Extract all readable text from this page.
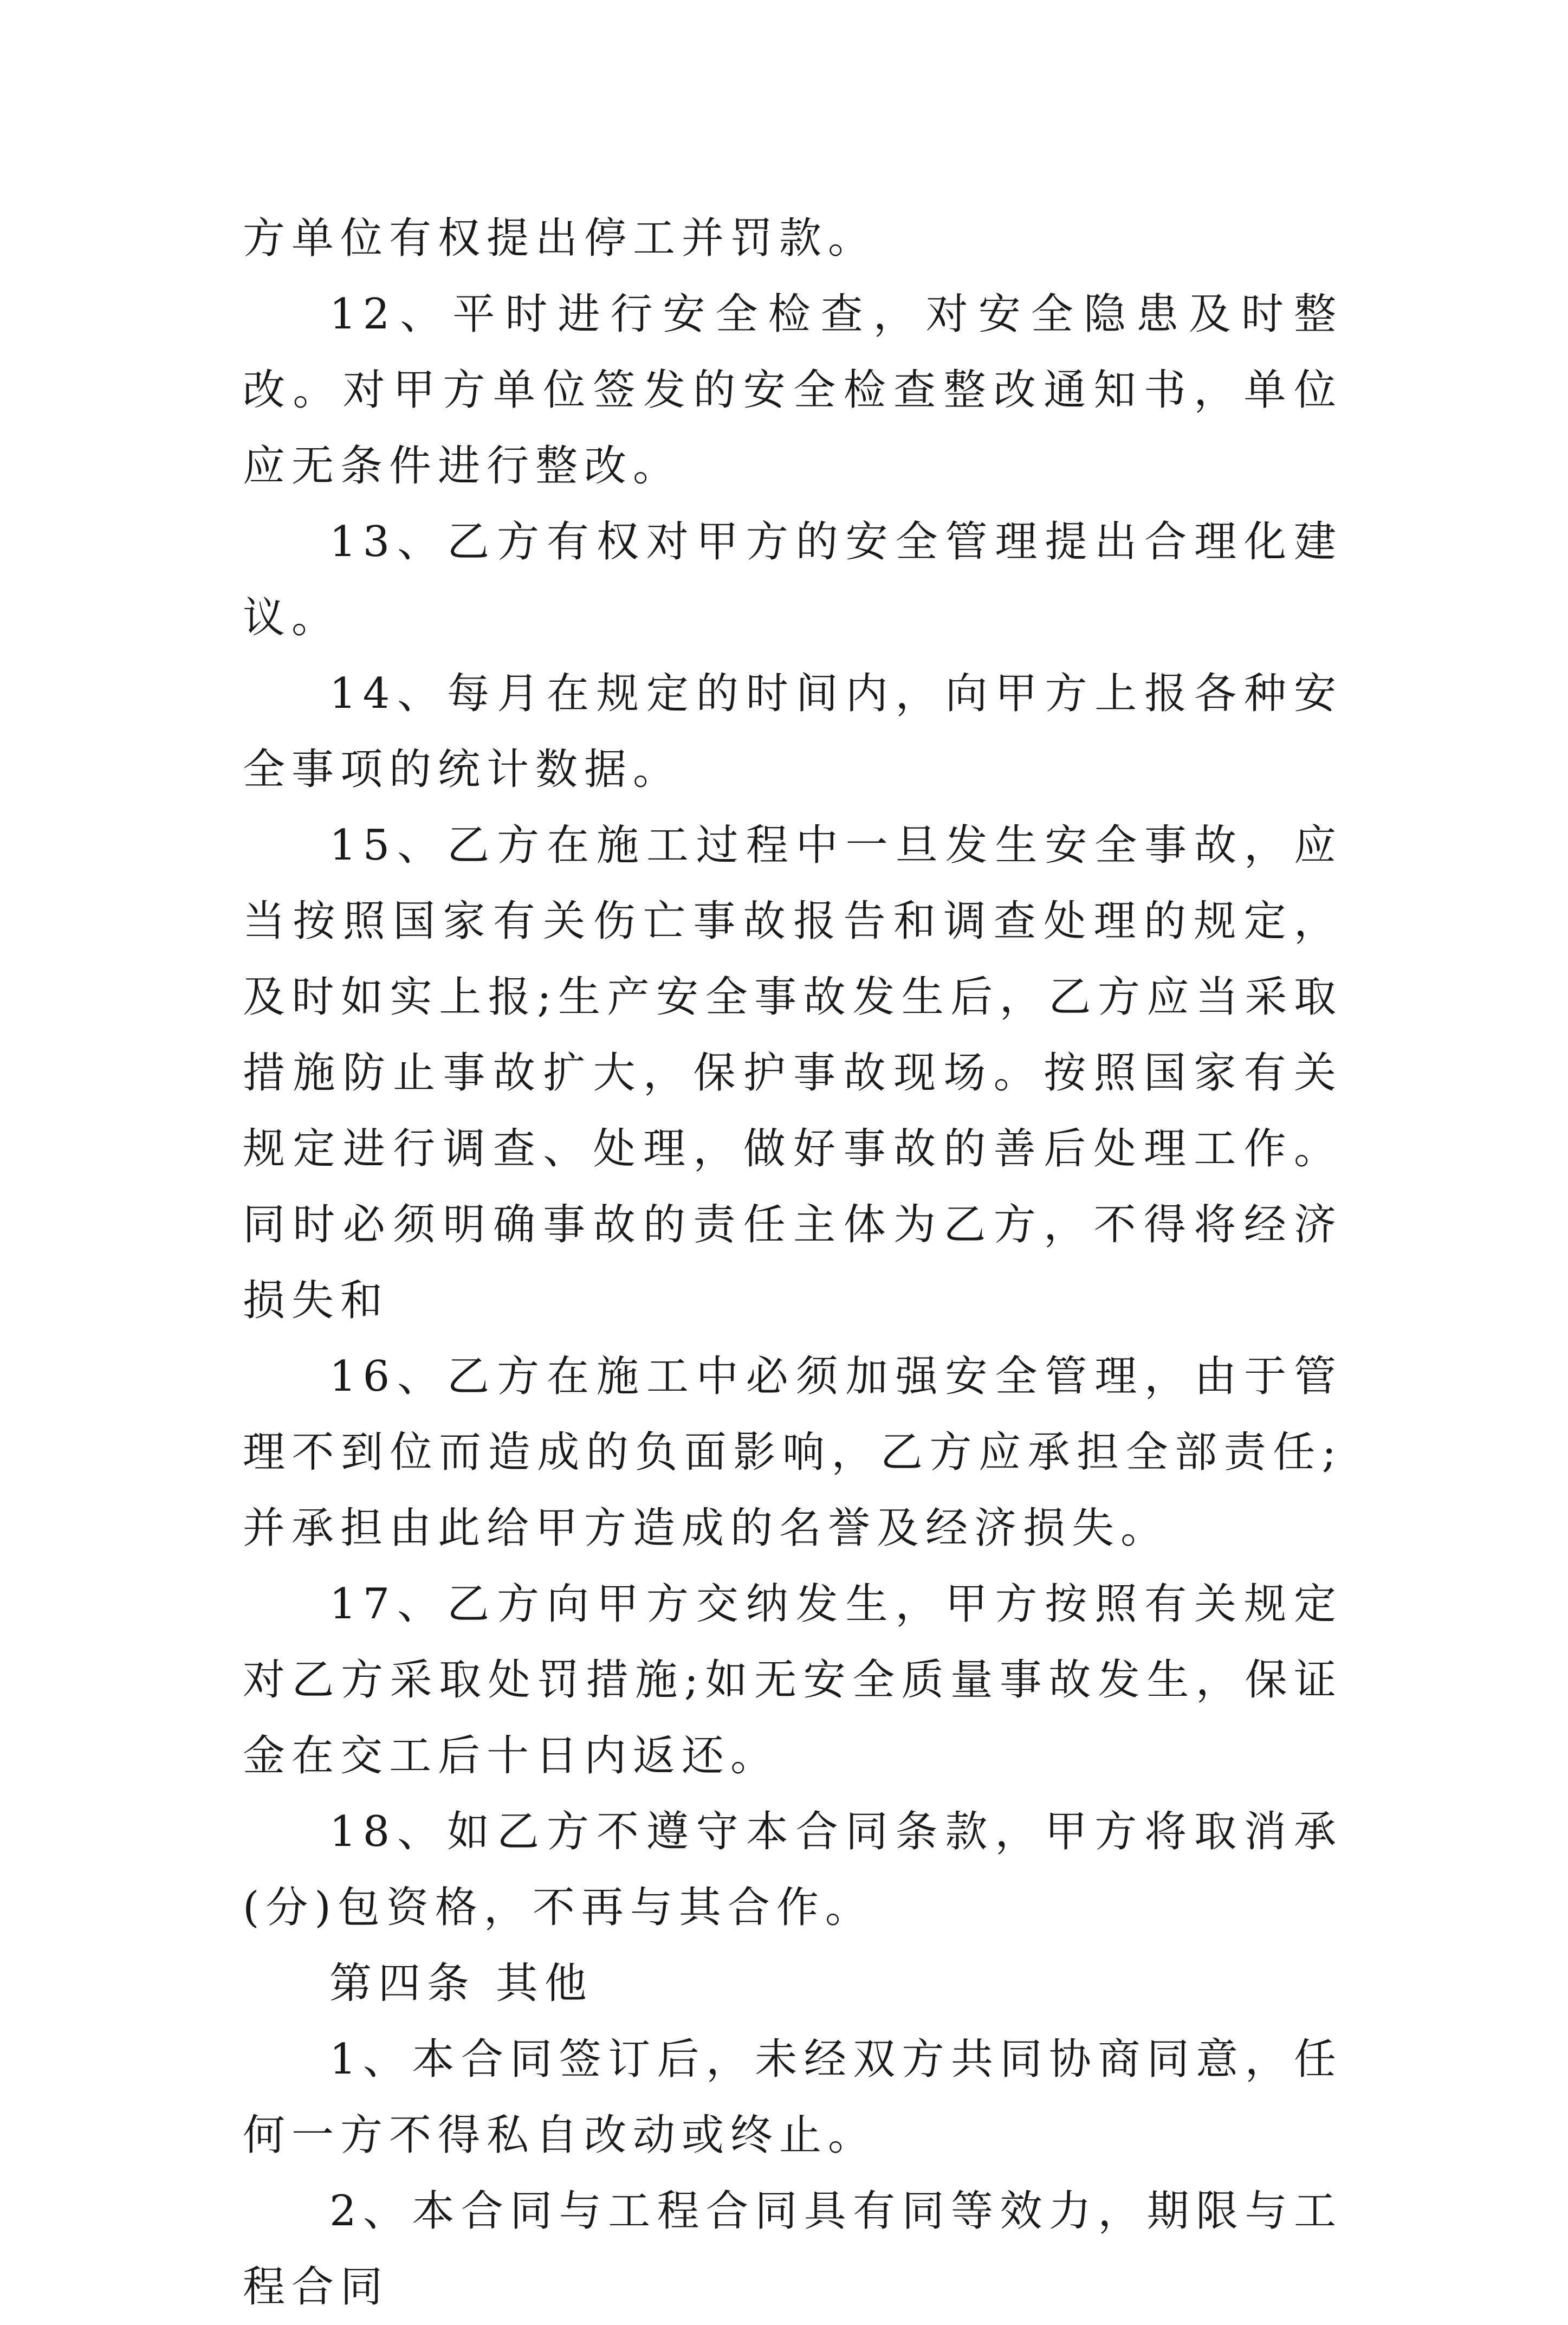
方单位有权提出停工并罚款。

12、平时进行安全检查，对安全隐患及时整改。对甲方单位签发的安全检查整改通知书，单位应无条件进行整改。

13、乙方有权对甲方的安全管理提出合理化建议。

14、每月在规定的时间内，向甲方上报各种安全事项的统计数据。

15、乙方在施工过程中一旦发生安全事故，应当按照国家有关伤亡事故报告和调查处理的规定，及时如实上报;生产安全事故发生后，乙方应当采取措施防止事故扩大，保护事故现场。按照国家有关规定进行调查、处理，做好事故的善后处理工作。同时必须明确事故的责任主体为乙方，不得将经济损失和

16、乙方在施工中必须加强安全管理，由于管理不到位而造成的负面影响，乙方应承担全部责任;并承担由此给甲方造成的名誉及经济损失。

17、乙方向甲方交纳发生，甲方按照有关规定对乙方采取处罚措施;如无安全质量事故发生，保证金在交工后十日内返还。

18、如乙方不遵守本合同条款，甲方将取消承(分)包资格，不再与其合作。

第四条 其他

1、本合同签订后，未经双方共同协商同意，任何一方不得私自改动或终止。

2、本合同与工程合同具有同等效力，期限与工程合同
